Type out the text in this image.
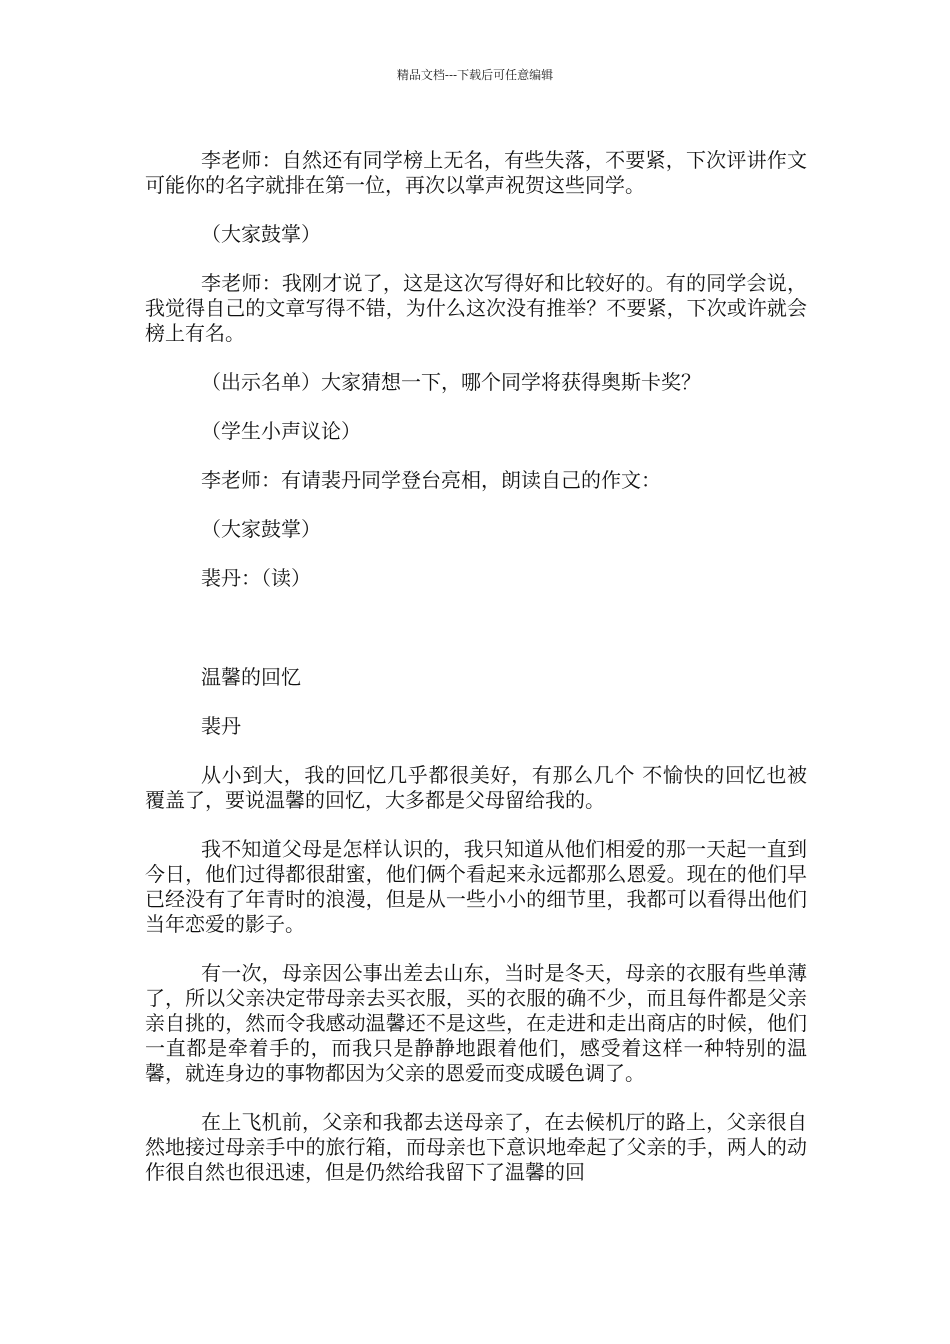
精品文档---下载后可任意编辑

李老师：自然还有同学榜上无名，有些失落，不要紧，下次评讲作文可能你的名字就排在第一位，再次以掌声祝贺这些同学。

（大家鼓掌）

李老师：我刚才说了，这是这次写得好和比较好的。有的同学会说，我觉得自己的文章写得不错，为什么这次没有推举？不要紧，下次或许就会榜上有名。

（出示名单）大家猜想一下，哪个同学将获得奥斯卡奖？

（学生小声议论）

李老师：有请裴丹同学登台亮相，朗读自己的作文：

（大家鼓掌）

裴丹：（读）

温馨的回忆

裴丹

从小到大，我的回忆几乎都很美好，有那么几个 不愉快的回忆也被覆盖了，要说温馨的回忆，大多都是父母留给我的。

我不知道父母是怎样认识的，我只知道从他们相爱的那一天起一直到今日，他们过得都很甜蜜，他们俩个看起来永远都那么恩爱。现在的他们早已经没有了年青时的浪漫，但是从一些小小的细节里，我都可以看得出他们当年恋爱的影子。

有一次，母亲因公事出差去山东，当时是冬天，母亲的衣服有些单薄了，所以父亲决定带母亲去买衣服，买的衣服的确不少，而且每件都是父亲亲自挑的，然而令我感动温馨还不是这些，在走进和走出商店的时候，他们一直都是牵着手的，而我只是静静地跟着他们，感受着这样一种特别的温馨，就连身边的事物都因为父亲的恩爱而变成暖色调了。

在上飞机前，父亲和我都去送母亲了，在去候机厅的路上，父亲很自然地接过母亲手中的旅行箱，而母亲也下意识地牵起了父亲的手，两人的动作很自然也很迅速，但是仍然给我留下了温馨的回
